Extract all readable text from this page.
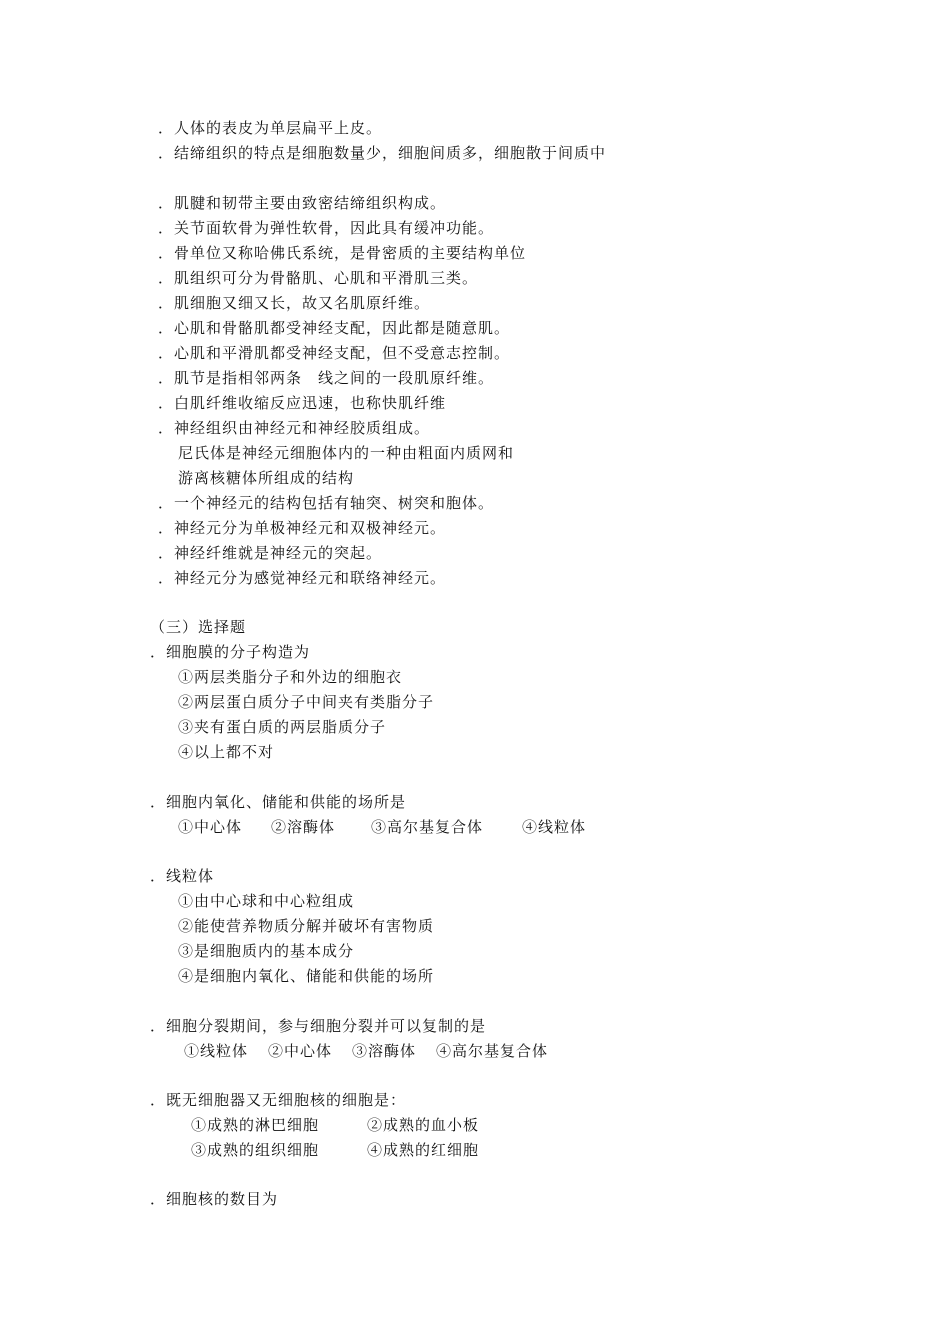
．人体的表皮为单层扁平上皮。
．结缔组织的特点是细胞数量少，细胞间质多，细胞散于间质中
．肌腱和韧带主要由致密结缔组织构成。
．关节面软骨为弹性软骨，因此具有缓冲功能。
．骨单位又称哈佛氏系统，是骨密质的主要结构单位
．肌组织可分为骨骼肌、心肌和平滑肌三类。
．肌细胞又细又长，故又名肌原纤维。
．心肌和骨骼肌都受神经支配，因此都是随意肌。
．心肌和平滑肌都受神经支配，但不受意志控制。
．肌节是指相邻两条　线之间的一段肌原纤维。
．白肌纤维收缩反应迅速，也称快肌纤维
．神经组织由神经元和神经胶质组成。
尼氏体是神经元细胞体内的一种由粗面内质网和
游离核糖体所组成的结构
．一个神经元的结构包括有轴突、树突和胞体。
．神经元分为单极神经元和双极神经元。
．神经纤维就是神经元的突起。
．神经元分为感觉神经元和联络神经元。
（三）选择题
．细胞膜的分子构造为
①两层类脂分子和外边的细胞衣
②两层蛋白质分子中间夹有类脂分子
③夹有蛋白质的两层脂质分子
④以上都不对
．细胞内氧化、储能和供能的场所是
①中心体 ②溶酶体 ③高尔基复合体	④线粒体
．线粒体
①由中心球和中心粒组成
②能使营养物质分解并破坏有害物质
③是细胞质内的基本成分
④是细胞内氧化、储能和供能的场所
．细胞分裂期间，参与细胞分裂并可以复制的是
①线粒体 ②中心体 ③溶酶体 ④高尔基复合体
．既无细胞器又无细胞核的细胞是：
①成熟的淋巴细胞	②成熟的血小板
③成熟的组织细胞	④成熟的红细胞
．细胞核的数目为
